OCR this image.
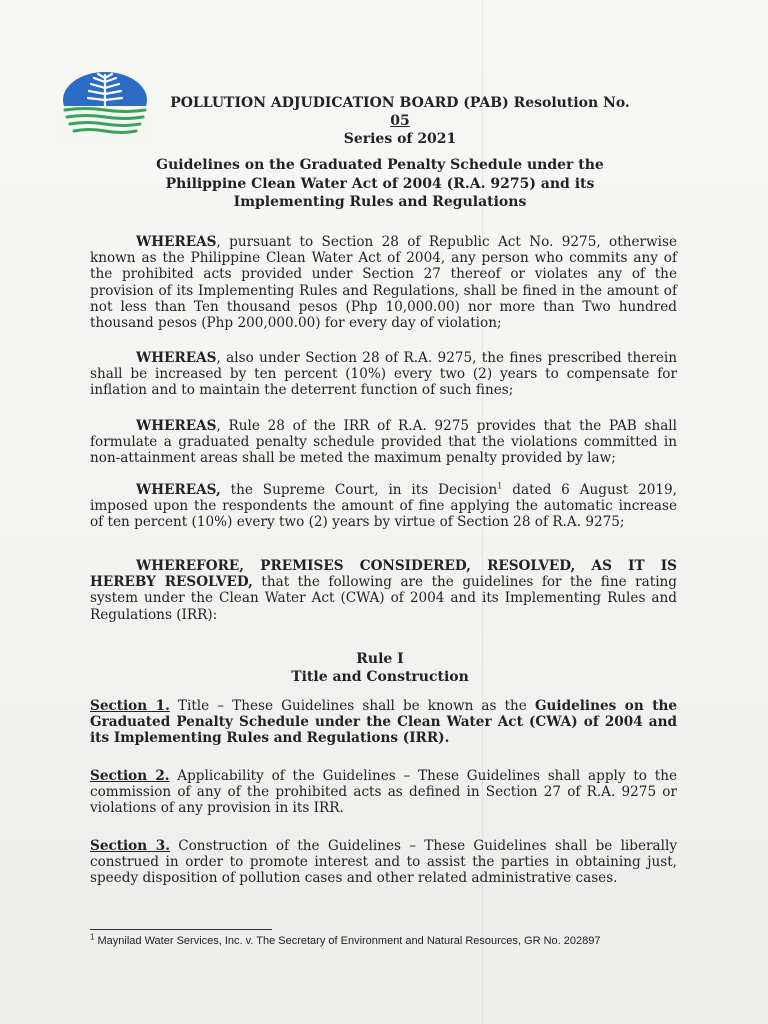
POLLUTION ADJUDICATION BOARD (PAB) Resolution No. 05
Series of 2021
Guidelines on the Graduated Penalty Schedule under the
Philippine Clean Water Act of 2004 (R.A. 9275) and its
Implementing Rules and Regulations
WHEREAS, pursuant to Section 28 of Republic Act No. 9275, otherwise known as the Philippine Clean Water Act of 2004, any person who commits any of the prohibited acts provided under Section 27 thereof or violates any of the provision of its Implementing Rules and Regulations, shall be fined in the amount of not less than Ten thousand pesos (Php 10,000.00) nor more than Two hundred thousand pesos (Php 200,000.00) for every day of violation;
WHEREAS, also under Section 28 of R.A. 9275, the fines prescribed therein shall be increased by ten percent (10%) every two (2) years to compensate for inflation and to maintain the deterrent function of such fines;
WHEREAS, Rule 28 of the IRR of R.A. 9275 provides that the PAB shall formulate a graduated penalty schedule provided that the violations committed in non-attainment areas shall be meted the maximum penalty provided by law;
WHEREAS, the Supreme Court, in its Decision$^1$ dated 6 August 2019, imposed upon the respondents the amount of fine applying the automatic increase of ten percent (10%) every two (2) years by virtue of Section 28 of R.A. 9275;
WHEREFORE, PREMISES CONSIDERED, RESOLVED, AS IT IS HEREBY RESOLVED, that the following are the guidelines for the fine rating system under the Clean Water Act (CWA) of 2004 and its Implementing Rules and Regulations (IRR):
Rule I
Title and Construction
Section 1. Title – These Guidelines shall be known as the Guidelines on the Graduated Penalty Schedule under the Clean Water Act (CWA) of 2004 and its Implementing Rules and Regulations (IRR).
Section 2. Applicability of the Guidelines – These Guidelines shall apply to the commission of any of the prohibited acts as defined in Section 27 of R.A. 9275 or violations of any provision in its IRR.
Section 3. Construction of the Guidelines – These Guidelines shall be liberally construed in order to promote interest and to assist the parties in obtaining just, speedy disposition of pollution cases and other related administrative cases.
$^1$ Maynilad Water Services, Inc. v. The Secretary of Environment and Natural Resources, GR No. 202897
